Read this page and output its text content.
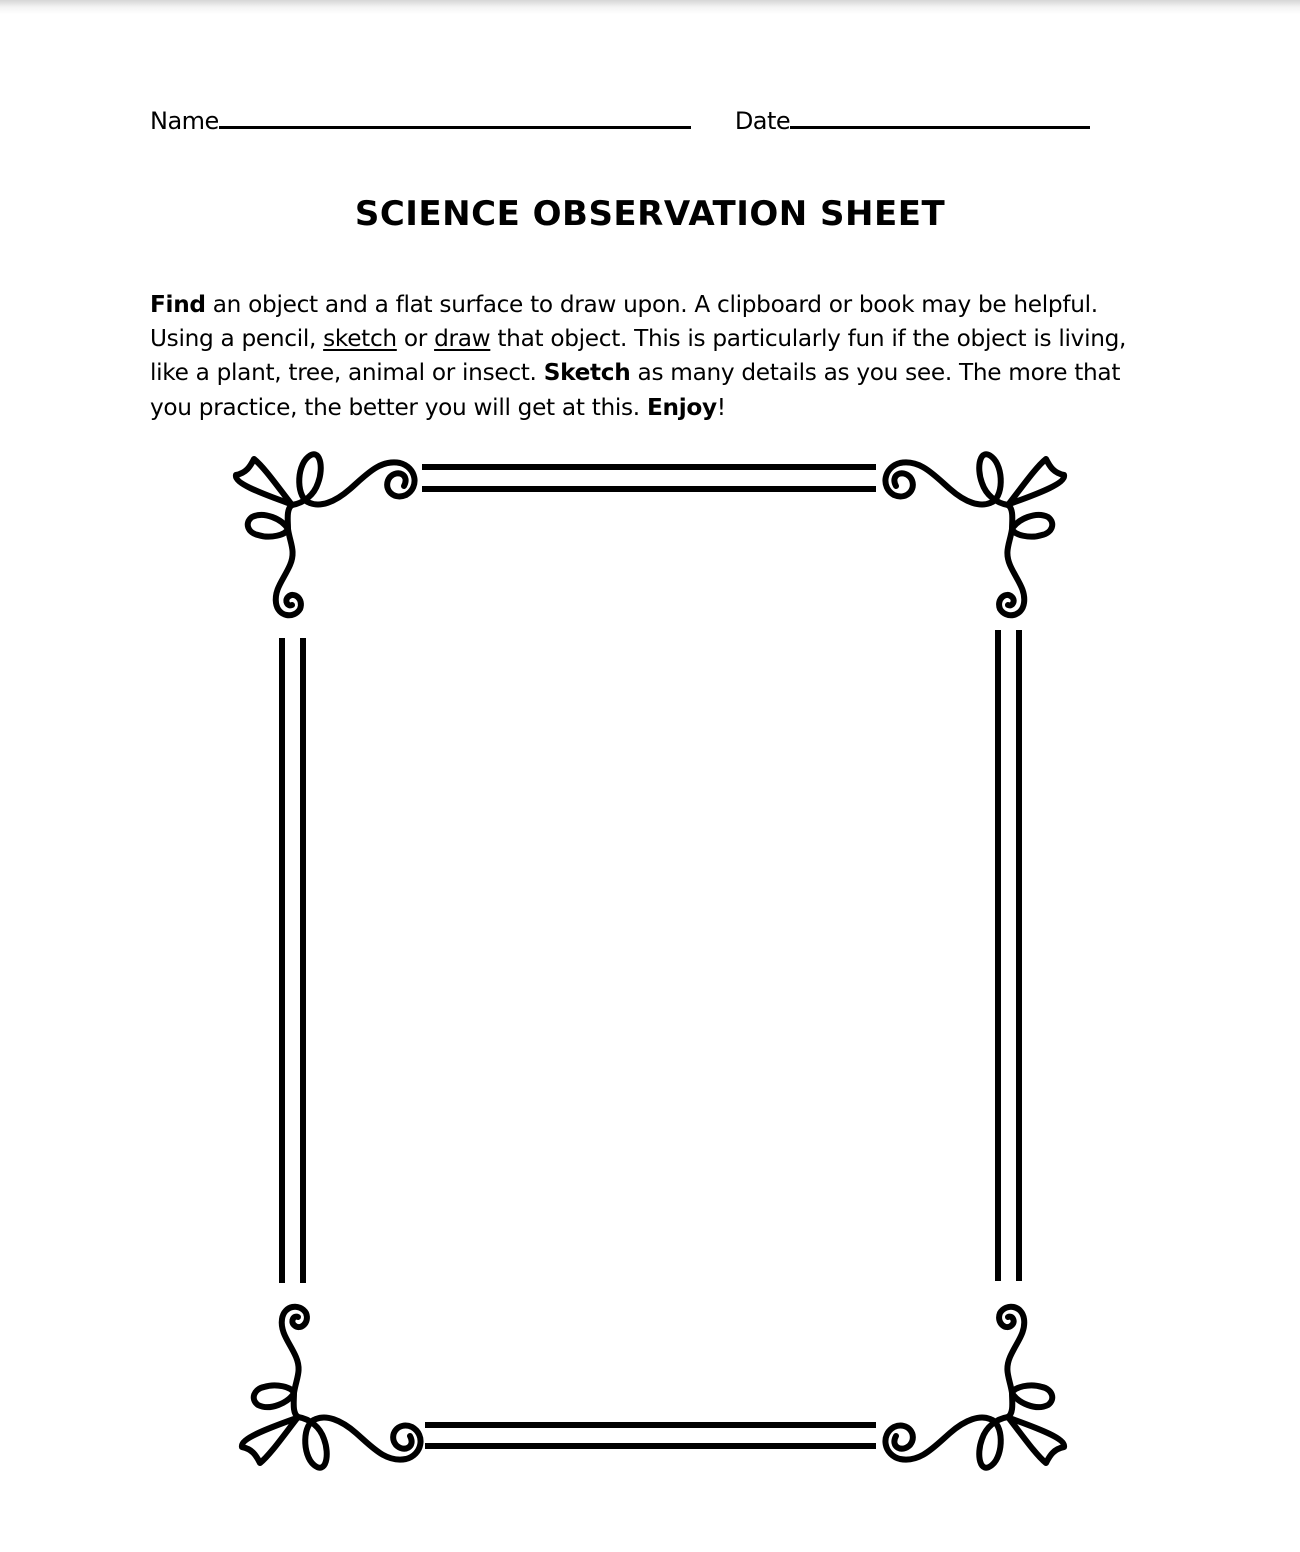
Name	Date
SCIENCE OBSERVATION SHEET
Find an object and a flat surface to draw upon. A clipboard or book may be helpful. Using a pencil, sketch or draw that object. This is particularly fun if the object is living, like a plant, tree, animal or insect. Sketch as many details as you see. The more that you practice, the better you will get at this. Enjoy!
